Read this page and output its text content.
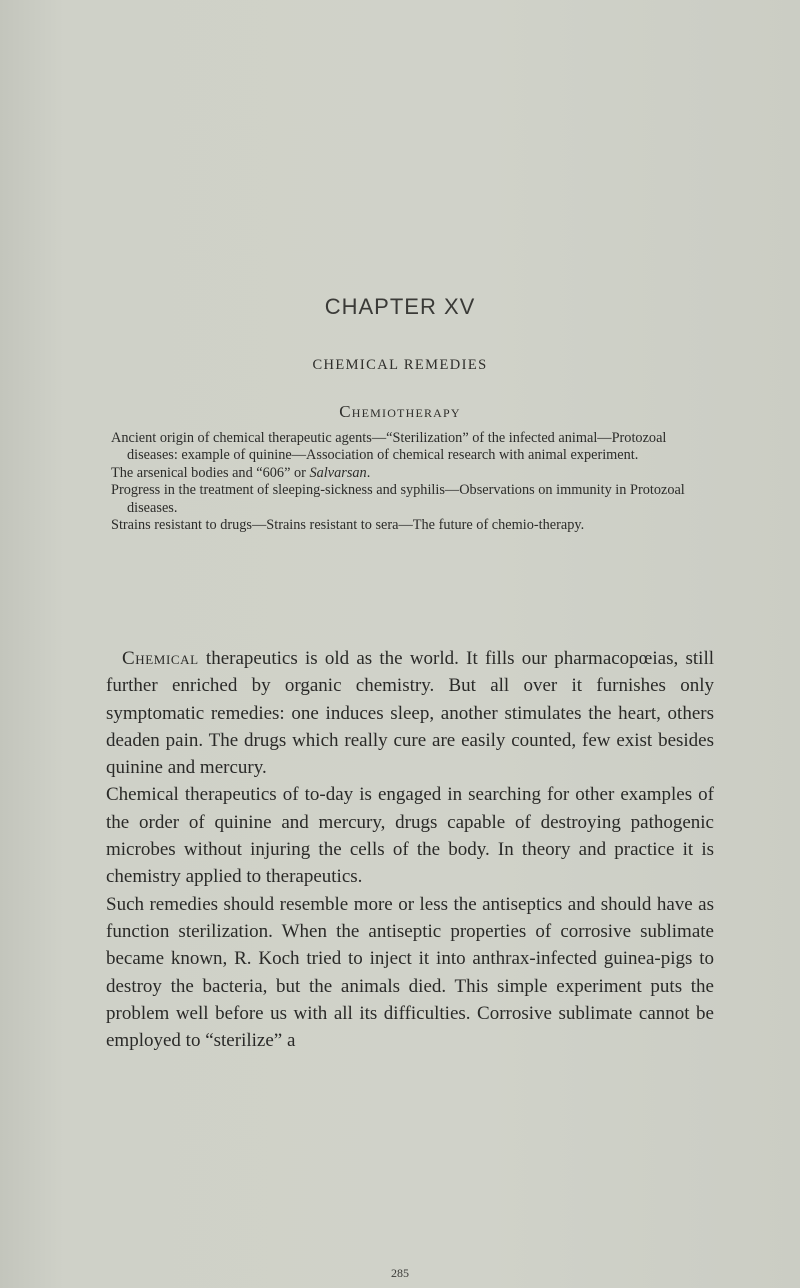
CHAPTER XV
CHEMICAL REMEDIES
Chemiotherapy

Ancient origin of chemical therapeutic agents—“Sterilization” of the infected animal—Protozoal diseases: example of quinine—Association of chemical research with animal experiment.

The arsenical bodies and “606” or Salvarsan.

Progress in the treatment of sleeping-sickness and syphilis—Observations on immunity in Protozoal diseases.

Strains resistant to drugs—Strains resistant to sera—The future of chemio-therapy.

Chemical therapeutics is old as the world. It fills our pharmacopœias, still further enriched by organic chemistry. But all over it furnishes only symptomatic remedies: one induces sleep, another stimulates the heart, others deaden pain. The drugs which really cure are easily counted, few exist besides quinine and mercury.

Chemical therapeutics of to-day is engaged in searching for other examples of the order of quinine and mercury, drugs capable of destroying pathogenic microbes without injuring the cells of the body. In theory and practice it is chemistry applied to therapeutics.

Such remedies should resemble more or less the antiseptics and should have as function sterilization. When the antiseptic properties of corrosive sublimate became known, R. Koch tried to inject it into anthrax-infected guinea-pigs to destroy the bacteria, but the animals died. This simple experiment puts the problem well before us with all its difficulties. Corrosive sublimate cannot be employed to “sterilize” a

285
